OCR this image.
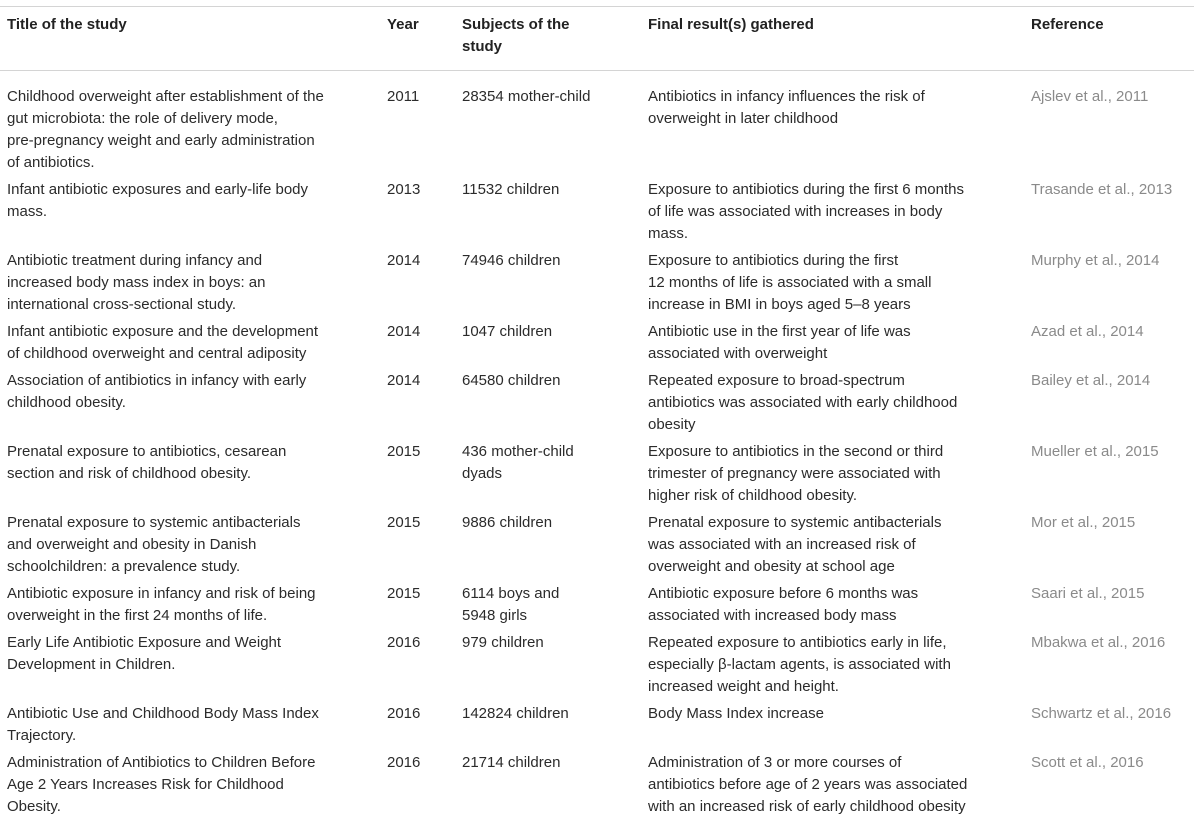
Title of the study	Year	Subjects of the
study	Final result(s) gathered	Reference

Childhood overweight after establishment of the
gut microbiota: the role of delivery mode,
pre-pregnancy weight and early administration
of antibiotics.	2011	28354 mother-child	Antibiotics in infancy influences the risk of
overweight in later childhood	Ajslev et al., 2011

Infant antibiotic exposures and early-life body
mass.	2013	11532 children	Exposure to antibiotics during the first 6 months
of life was associated with increases in body
mass.	Trasande et al., 2013

Antibiotic treatment during infancy and
increased body mass index in boys: an
international cross-sectional study.	2014	74946 children	Exposure to antibiotics during the first
12 months of life is associated with a small
increase in BMI in boys aged 5–8 years	Murphy et al., 2014

Infant antibiotic exposure and the development
of childhood overweight and central adiposity	2014	1047 children	Antibiotic use in the first year of life was
associated with overweight	Azad et al., 2014

Association of antibiotics in infancy with early
childhood obesity.	2014	64580 children	Repeated exposure to broad-spectrum
antibiotics was associated with early childhood
obesity	Bailey et al., 2014

Prenatal exposure to antibiotics, cesarean
section and risk of childhood obesity.	2015	436 mother-child
dyads	Exposure to antibiotics in the second or third
trimester of pregnancy were associated with
higher risk of childhood obesity.	Mueller et al., 2015

Prenatal exposure to systemic antibacterials
and overweight and obesity in Danish
schoolchildren: a prevalence study.	2015	9886 children	Prenatal exposure to systemic antibacterials
was associated with an increased risk of
overweight and obesity at school age	Mor et al., 2015

Antibiotic exposure in infancy and risk of being
overweight in the first 24 months of life.	2015	6114 boys and
5948 girls	Antibiotic exposure before 6 months was
associated with increased body mass	Saari et al., 2015

Early Life Antibiotic Exposure and Weight
Development in Children.	2016	979 children	Repeated exposure to antibiotics early in life,
especially β-lactam agents, is associated with
increased weight and height.	Mbakwa et al., 2016

Antibiotic Use and Childhood Body Mass Index
Trajectory.	2016	142824 children	Body Mass Index increase	Schwartz et al., 2016

Administration of Antibiotics to Children Before
Age 2 Years Increases Risk for Childhood
Obesity.	2016	21714 children	Administration of 3 or more courses of
antibiotics before age of 2 years was associated
with an increased risk of early childhood obesity	Scott et al., 2016
